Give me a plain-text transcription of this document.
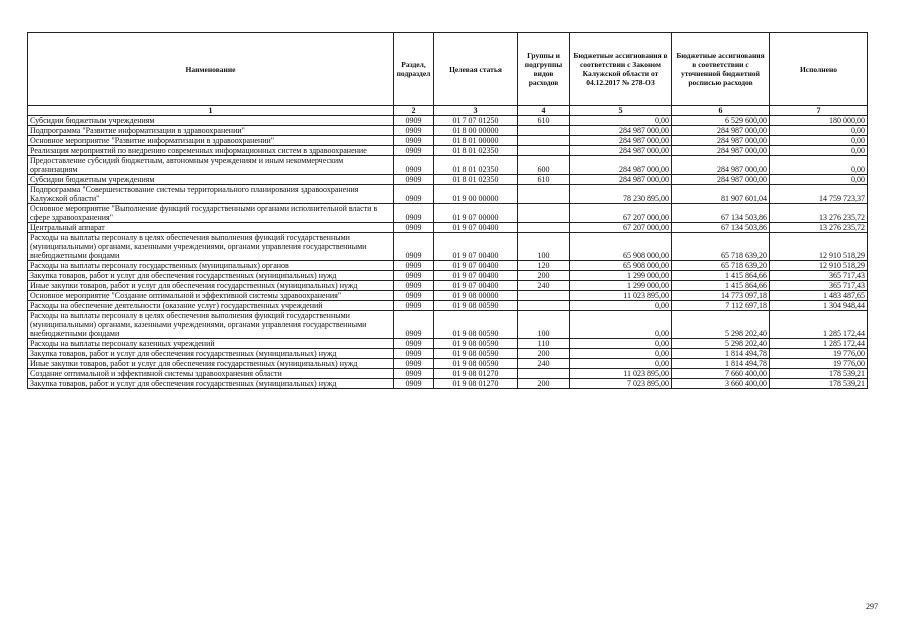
Наименование	Раздел, подраздел	Целевая статья	Группы и подгруппы видов расходов	Бюджетные ассигнования в соответствии с Законом Калужской области от 04.12.2017 № 278-ОЗ	Бюджетные ассигнования в соответствии с уточненной бюджетной росписью расходов	Исполнено
1	2	3	4	5	6	7
Субсидии бюджетным учреждениям	0909	01 7 07 01250	610	0,00	6 529 600,00	180 000,00
Подпрограмма "Развитие информатизации в здравоохранении"	0909	01 8 00 00000		284 987 000,00	284 987 000,00	0,00
Основное мероприятие "Развитие информатизации в здравоохранении"	0909	01 8 01 00000		284 987 000,00	284 987 000,00	0,00
Реализация мероприятий по внедрению современных информационных систем в здравоохранение	0909	01 8 01 02350		284 987 000,00	284 987 000,00	0,00
Предоставление субсидий бюджетным, автономным учреждениям и иным некоммерческим организациям	0909	01 8 01 02350	600	284 987 000,00	284 987 000,00	0,00
Субсидии бюджетным учреждениям	0909	01 8 01 02350	610	284 987 000,00	284 987 000,00	0,00
Подпрограмма "Совершенствование системы территориального планирования здравоохранения Калужской области"	0909	01 9 00 00000		78 230 895,00	81 907 601,04	14 759 723,37
Основное мероприятие "Выполнение функций государственными органами исполнительной власти в сфере здравоохранения"	0909	01 9 07 00000		67 207 000,00	67 134 503,86	13 276 235,72
Центральный аппарат	0909	01 9 07 00400		67 207 000,00	67 134 503,86	13 276 235,72
Расходы на выплаты персоналу в целях обеспечения выполнения функций государственными (муниципальными) органами, казенными учреждениями, органами управления государственными внебюджетными фондами	0909	01 9 07 00400	100	65 908 000,00	65 718 639,20	12 910 518,29
Расходы на выплаты персоналу государственных (муниципальных) органов	0909	01 9 07 00400	120	65 908 000,00	65 718 639,20	12 910 518,29
Закупка товаров, работ и услуг для обеспечения государственных (муниципальных) нужд	0909	01 9 07 00400	200	1 299 000,00	1 415 864,66	365 717,43
Иные закупки товаров, работ и услуг для обеспечения государственных (муниципальных) нужд	0909	01 9 07 00400	240	1 299 000,00	1 415 864,66	365 717,43
Основное мероприятие "Создание оптимальной и эффективной системы здравоохранения"	0909	01 9 08 00000		11 023 895,00	14 773 097,18	1 483 487,65
Расходы на обеспечение деятельности (оказание услуг) государственных учреждений	0909	01 9 08 00590		0,00	7 112 697,18	1 304 948,44
Расходы на выплаты персоналу в целях обеспечения выполнения функций государственными (муниципальными) органами, казенными учреждениями, органами управления государственными внебюджетными фондами	0909	01 9 08 00590	100	0,00	5 298 202,40	1 285 172,44
Расходы на выплаты персоналу казенных учреждений	0909	01 9 08 00590	110	0,00	5 298 202,40	1 285 172,44
Закупка товаров, работ и услуг для обеспечения государственных (муниципальных) нужд	0909	01 9 08 00590	200	0,00	1 814 494,78	19 776,00
Иные закупки товаров, работ и услуг для обеспечения государственных (муниципальных) нужд	0909	01 9 08 00590	240	0,00	1 814 494,78	19 776,00
Создание оптимальной и эффективной системы здравоохранения области	0909	01 9 08 01270		11 023 895,00	7 660 400,00	178 539,21
Закупка товаров, работ и услуг для обеспечения государственных (муниципальных) нужд	0909	01 9 08 01270	200	7 023 895,00	3 660 400,00	178 539,21
297
